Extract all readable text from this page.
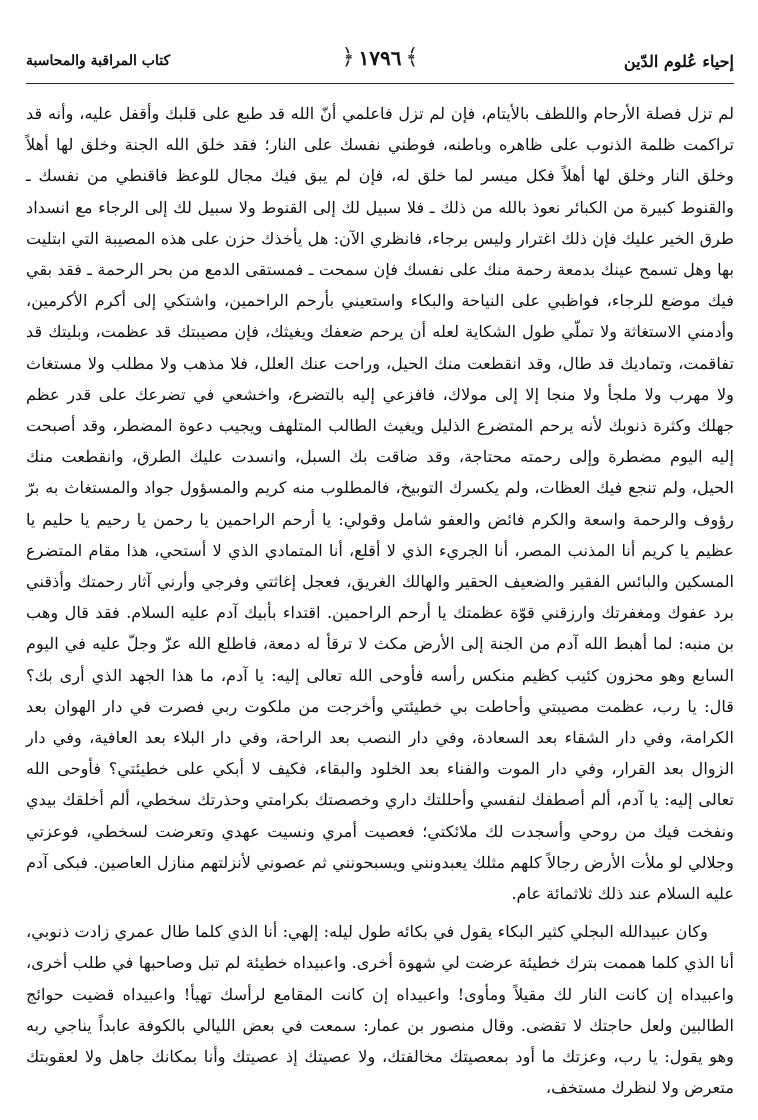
إحياء عُلوم الدّين
﴿ ١٧٩٦ ﴾
كتاب المراقبة والمحاسبة

لم تزل فصلة الأرحام واللطف بالأيتام، فإن لم تزل فاعلمي أنّ الله قد طبع على قلبك وأقفل عليه، وأنه قد تراكمت ظلمة الذنوب على ظاهره وباطنه، فوطني نفسك على النار؛ فقد خلق الله الجنة وخلق لها أهلاً وخلق النار وخلق لها أهلاً فكل ميسر لما خلق له، فإن لم يبق فيك مجال للوعظ فاقنطي من نفسك ـ والقنوط كبيرة من الكبائر نعوذ بالله من ذلك ـ فلا سبيل لك إلى القنوط ولا سبيل لك إلى الرجاء مع انسداد طرق الخير عليك فإن ذلك اغترار وليس برجاء، فانظري الآن: هل يأخذك حزن على هذه المصيبة التي ابتليت بها وهل تسمح عينك بدمعة رحمة منك على نفسك فإن سمحت ـ فمستقى الدمع من بحر الرحمة ـ فقد بقي فيك موضع للرجاء، فواظبي على النياحة والبكاء واستعيني بأرحم الراحمين، واشتكي إلى أكرم الأكرمين، وأدمني الاستغاثة ولا تملّي طول الشكاية لعله أن يرحم ضعفك ويغيثك، فإن مصيبتك قد عظمت، وبليتك قد تفاقمت، وتماديك قد طال، وقد انقطعت منك الحيل، وراحت عنك العلل، فلا مذهب ولا مطلب ولا مستغاث ولا مهرب ولا ملجأ ولا منجا إلا إلى مولاك، فافزعي إليه بالتضرع، واخشعي في تضرعك على قدر عظم جهلك وكثرة ذنوبك لأنه يرحم المتضرع الذليل ويغيث الطالب المتلهف ويجيب دعوة المضطر، وقد أصبحت إليه اليوم مضطرة وإلى رحمته محتاجة، وقد ضاقت بك السبل، وانسدت عليك الطرق، وانقطعت منك الحيل، ولم تنجع فيك العظات، ولم يكسرك التوبيخ، فالمطلوب منه كريم والمسؤول جواد والمستغاث به برّ رؤوف والرحمة واسعة والكرم فائض والعفو شامل وقولي: يا أرحم الراحمين يا رحمن يا رحيم يا حليم يا عظيم يا كريم أنا المذنب المصر، أنا الجريء الذي لا أقلع، أنا المتمادي الذي لا أستحي، هذا مقام المتضرع المسكين والبائس الفقير والضعيف الحقير والهالك الغريق، فعجل إغاثتي وفرجي وأرني آثار رحمتك وأذقني برد عفوك ومغفرتك وارزقني قوّة عظمتك يا أرحم الراحمين. اقتداء بأبيك آدم عليه السلام. فقد قال وهب بن منبه: لما أهبط الله آدم من الجنة إلى الأرض مكث لا ترقأ له دمعة، فاطلع الله عزّ وجلّ عليه في اليوم السابع وهو محزون كئيب كظيم منكس رأسه فأوحى الله تعالى إليه: يا آدم، ما هذا الجهد الذي أرى بك؟ قال: يا رب، عظمت مصيبتي وأحاطت بي خطيئتي وأخرجت من ملكوت ربي فصرت في دار الهوان بعد الكرامة، وفي دار الشقاء بعد السعادة، وفي دار النصب بعد الراحة، وفي دار البلاء بعد العافية، وفي دار الزوال بعد القرار، وفي دار الموت والفناء بعد الخلود والبقاء، فكيف لا أبكي على خطيئتي؟ فأوحى الله تعالى إليه: يا آدم، ألم أصطفك لنفسي وأحللتك داري وخصصتك بكرامتي وحذرتك سخطي، ألم أخلقك بيدي ونفخت فيك من روحي وأسجدت لك ملائكتي؛ فعصيت أمري ونسيت عهدي وتعرضت لسخطي، فوعزتي وجلالي لو ملأت الأرض رجالاً كلهم مثلك يعبدونني ويسبحونني ثم عصوني لأنزلتهم منازل العاصين. فبكى آدم عليه السلام عند ذلك ثلاثمائة عام.

وكان عبيدالله البجلي كثير البكاء يقول في بكائه طول ليله: إلهي: أنا الذي كلما طال عمري زادت ذنوبي، أنا الذي كلما هممت بترك خطيئة عرضت لي شهوة أخرى. واعبيداه خطيئة لم تبل وصاحبها في طلب أخرى، واعبيداه إن كانت النار لك مقيلاً ومأوى! واعبيداه إن كانت المقامع لرأسك تهيأ! واعبيداه قضيت حوائج الطالبين ولعل حاجتك لا تقضى. وقال منصور بن عمار: سمعت في بعض الليالي بالكوفة عابداً يناجي ربه وهو يقول: يا رب، وعزتك ما أود بمعصيتك مخالفتك، ولا عصيتك إذ عصيتك وأنا بمكانك جاهل ولا لعقوبتك متعرض ولا لنظرك مستخف،
